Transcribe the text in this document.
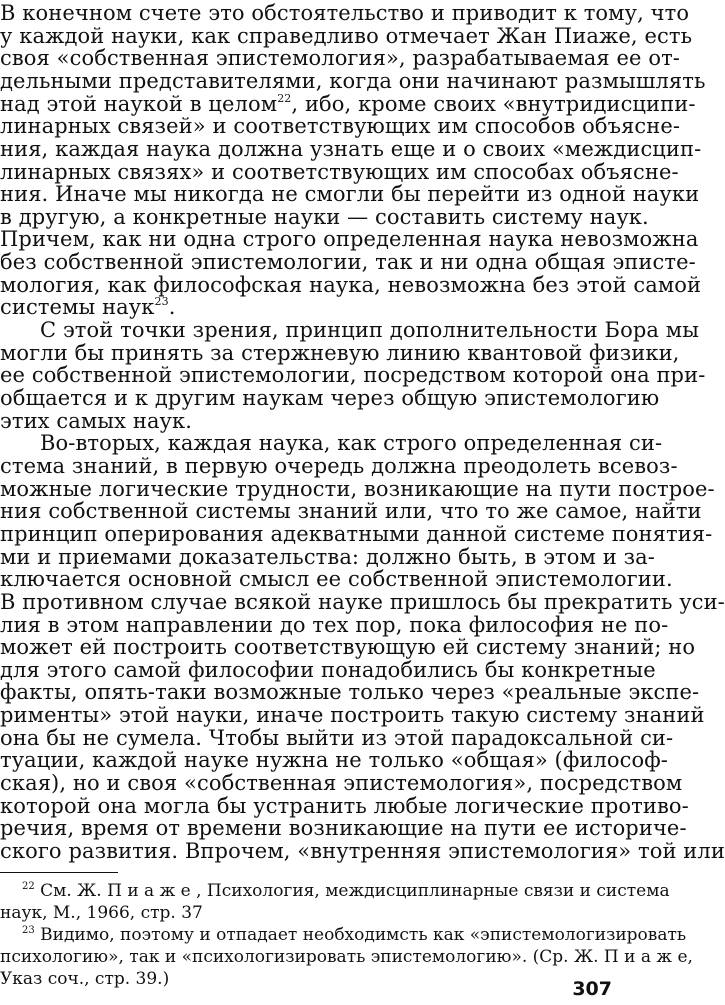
В конечном счете это обстоятельство и приводит к тому, что
у каждой науки, как справедливо отмечает Жан Пиаже, есть
своя «собственная эпистемология», разрабатываемая ее от-
дельными представителями, когда они начинают размышлять
над этой наукой в целом$^{22}$, ибо, кроме своих «внутридисципи-
линарных связей» и соответствующих им способов объясне-
ния, каждая наука должна узнать еще и о своих «междисцип-
линарных связях» и соответствующих им способах объясне-
ния. Иначе мы никогда не смогли бы перейти из одной науки
в другую, а конкретные науки — составить систему наук.
Причем, как ни одна строго определенная наука невозможна
без собственной эпистемологии, так и ни одна общая эписте-
мология, как философская наука, невозможна без этой самой
системы наук$^{23}$.
С этой точки зрения, принцип дополнительности Бора мы
могли бы принять за стержневую линию квантовой физики,
ее собственной эпистемологии, посредством которой она при-
общается и к другим наукам через общую эпистемологию
этих самых наук.
Во-вторых, каждая наука, как строго определенная си-
стема знаний, в первую очередь должна преодолеть всевоз-
можные логические трудности, возникающие на пути построе-
ния собственной системы знаний или, что то же самое, найти
принцип оперирования адекватными данной системе понятия-
ми и приемами доказательства: должно быть, в этом и за-
ключается основной смысл ее собственной эпистемологии.
В противном случае всякой науке пришлось бы прекратить уси-
лия в этом направлении до тех пор, пока философия не по-
может ей построить соответствующую ей систему знаний; но
для этого самой философии понадобились бы конкретные
факты, опять-таки возможные только через «реальные экспе-
рименты» этой науки, иначе построить такую систему знаний
она бы не сумела. Чтобы выйти из этой парадоксальной си-
туации, каждой науке нужна не только «общая» (философ-
ская), но и своя «собственная эпистемология», посредством
которой она могла бы устранить любые логические противо-
речия, время от времени возникающие на пути ее историче-
ского развития. Впрочем, «внутренняя эпистемология» той или
$^{22}$ См. Ж. П и а ж е , Психология, междисциплинарные связи и система
наук, М., 1966, стр. 37
$^{23}$ Видимо, поэтому и отпадает необходимсть как «эпистемологизировать
психологию», так и «психологизировать эпистемологию». (Ср. Ж. П и а ж е,
Указ соч., стр. 39.)	307
